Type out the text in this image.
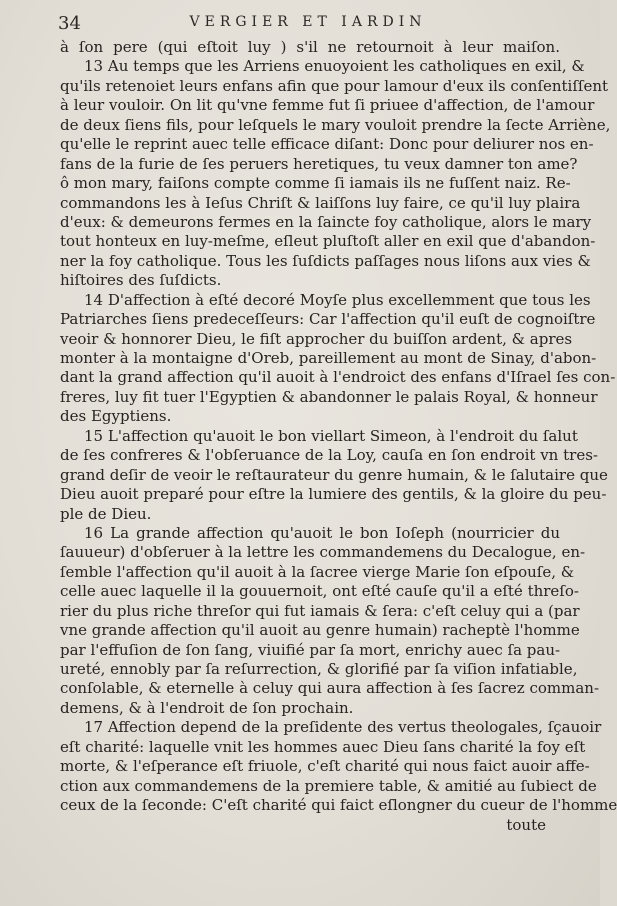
34	VERGIER ET IARDIN
à ſon pere (qui eſtoit luy ) s'il ne retournoit à leur maiſon.
13 Au temps que les Arriens enuoyoient les catholiques en exil, &
qu'ils retenoiet leurs enfans afin que pour lamour d'eux ils conſentiſſent
à leur vouloir. On lit qu'vne femme fut ſi priuee d'affection, de l'amour
de deux ſiens fils, pour leſquels le mary vouloit prendre la ſecte Arriène,
qu'elle le reprint auec telle efficace diſant: Donc pour deliurer nos en-
fans de la furie de ſes peruers heretiques, tu veux damner ton ame?
ô mon mary, faiſons compte comme ſi iamais ils ne fuſſent naiz. Re-
commandons les à Ieſus Chriſt & laiſſons luy faire, ce qu'il luy plaira
d'eux: & demeurons fermes en la ſaincte foy catholique, alors le mary
tout honteux en luy-meſme, eſleut pluſtoſt aller en exil que d'abandon-
ner la foy catholique. Tous les ſuſdicts paſſages nous liſons aux vies &
hiſtoires des ſuſdicts.
14 D'affection à eſté decoré Moyſe plus excellemment que tous les
Patriarches ſiens predeceſſeurs: Car l'affection qu'il euſt de cognoiſtre
veoir & honnorer Dieu, le fiſt approcher du buiſſon ardent, & apres
monter à la montaigne d'Oreb, pareillement au mont de Sinay, d'abon-
dant la grand affection qu'il auoit à l'endroict des enfans d'Iſrael ſes con-
freres, luy fit tuer l'Egyptien & abandonner le palais Royal, & honneur
des Egyptiens.
15 L'affection qu'auoit le bon viellart Simeon, à l'endroit du ſalut
de ſes confreres & l'obſeruance de la Loy, cauſa en ſon endroit vn tres-
grand deſir de veoir le reſtaurateur du genre humain, & le ſalutaire que
Dieu auoit preparé pour eſtre la lumiere des gentils, & la gloire du peu-
ple de Dieu.
16 La grande affection qu'auoit le bon Ioſeph (nourricier du
ſauueur) d'obſeruer à la lettre les commandemens du Decalogue, en-
ſemble l'affection qu'il auoit à la ſacree vierge Marie ſon eſpouſe, &
celle auec laquelle il la gouuernoit, ont eſté cauſe qu'il a eſté threſo-
rier du plus riche threſor qui fut iamais & ſera: c'eſt celuy qui a (par
vne grande affection qu'il auoit au genre humain) racheptè l'homme
par l'effuſion de ſon ſang, viuifié par ſa mort, enrichy auec ſa pau-
ureté, ennobly par ſa reſurrection, & glorifié par ſa viſion infatiable,
conſolable, & eternelle à celuy qui aura affection à ſes ſacrez comman-
demens, & à l'endroit de ſon prochain.
17 Affection depend de la preſidente des vertus theologales, ſçauoir
eſt charité: laquelle vnit les hommes auec Dieu ſans charité la foy eſt
morte, & l'eſperance eſt friuole, c'eſt charité qui nous faict auoir affe-
ction aux commandemens de la premiere table, & amitié au ſubiect de
ceux de la ſeconde: C'eſt charité qui faict eſlongner du cueur de l'homme
toute
